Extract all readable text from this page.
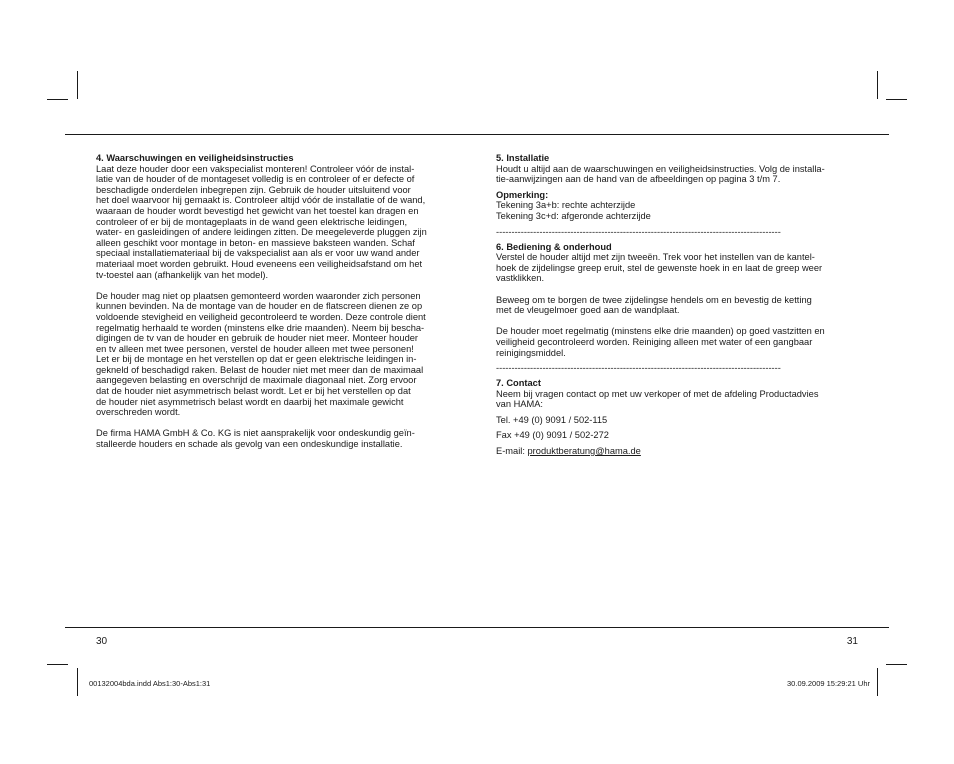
4. Waarschuwingen en veiligheidsinstructies

Laat deze houder door een vakspecialist monteren! Controleer vóór de instal-
latie van de houder of de montageset volledig is en controleer of er defecte of
beschadigde onderdelen inbegrepen zijn. Gebruik de houder uitsluitend voor
het doel waarvoor hij gemaakt is. Controleer altijd vóór de installatie of de wand,
waaraan de houder wordt bevestigd het gewicht van het toestel kan dragen en
controleer of er bij de montageplaats in de wand geen elektrische leidingen,
water- en gasleidingen of andere leidingen zitten. De meegeleverde pluggen zijn
alleen geschikt voor montage in beton- en massieve baksteen wanden. Schaf
speciaal installatiemateriaal bij de vakspecialist aan als er voor uw wand ander
materiaal moet worden gebruikt. Houd eveneens een veiligheidsafstand om het
tv-toestel aan (afhankelijk van het model).

De houder mag niet op plaatsen gemonteerd worden waaronder zich personen
kunnen bevinden. Na de montage van de houder en de flatscreen dienen ze op
voldoende stevigheid en veiligheid gecontroleerd te worden. Deze controle dient
regelmatig herhaald te worden (minstens elke drie maanden). Neem bij bescha-
digingen de tv van de houder en gebruik de houder niet meer. Monteer houder
en tv alleen met twee personen, verstel de houder alleen met twee personen!
Let er bij de montage en het verstellen op dat er geen elektrische leidingen in-
gekneld of beschadigd raken. Belast de houder niet met meer dan de maximaal
aangegeven belasting en overschrijd de maximale diagonaal niet. Zorg ervoor
dat de houder niet asymmetrisch belast wordt. Let er bij het verstellen op dat
de houder niet asymmetrisch belast wordt en daarbij het maximale gewicht
overschreden wordt.

De firma HAMA GmbH & Co. KG is niet aansprakelijk voor ondeskundig geïn-
stalleerde houders en schade als gevolg van een ondeskundige installatie.

5. Installatie

Houdt u altijd aan de waarschuwingen en veiligheidsinstructies. Volg de installa-
tie-aanwijzingen aan de hand van de afbeeldingen op pagina 3 t/m 7.

Opmerking:

Tekening 3a+b: rechte achterzijde

Tekening 3c+d: afgeronde achterzijde

--------------------------------------------------------------------------------------------

6. Bediening & onderhoud

Verstel de houder altijd met zijn tweeën. Trek voor het instellen van de kantel-
hoek de zijdelingse greep eruit, stel de gewenste hoek in en laat de greep weer
vastklikken.

Beweeg om te borgen de twee zijdelingse hendels om en bevestig de ketting
met de vleugelmoer goed aan de wandplaat.

De houder moet regelmatig (minstens elke drie maanden) op goed vastzitten en
veiligheid gecontroleerd worden. Reiniging alleen met water of een gangbaar
reinigingsmiddel.

--------------------------------------------------------------------------------------------

7. Contact

Neem bij vragen contact op met uw verkoper of met de afdeling Productadvies
van HAMA:

Tel. +49 (0) 9091 / 502-115

Fax +49 (0) 9091 / 502-272

E-mail: produktberatung@hama.de

30	31
00132004bda.indd Abs1:30-Abs1:31	30.09.2009 15:29:21 Uhr
